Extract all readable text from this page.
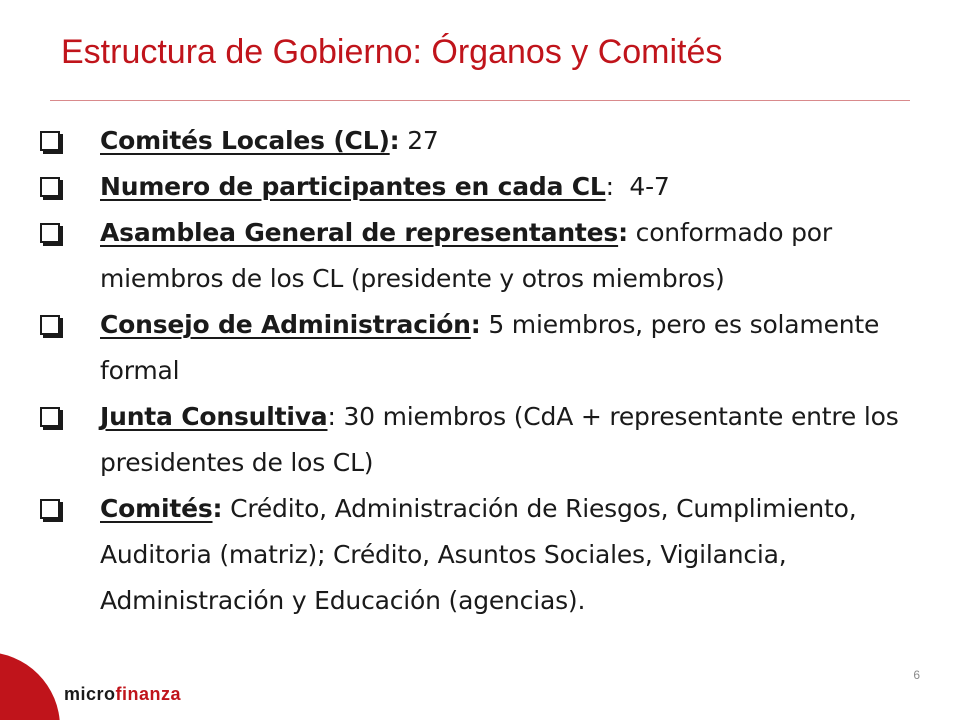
Estructura de Gobierno: Órganos y Comités
Comités Locales (CL): 27
Numero de participantes en cada CL:  4-7
Asamblea General de representantes: conformado por miembros de los CL (presidente y otros miembros)
Consejo de Administración: 5 miembros, pero es solamente formal
Junta Consultiva: 30 miembros (CdA + representante entre los presidentes de los CL)
Comités: Crédito, Administración de Riesgos, Cumplimiento, Auditoria (matriz); Crédito, Asuntos Sociales, Vigilancia, Administración y Educación (agencias).
microfinanza
6
